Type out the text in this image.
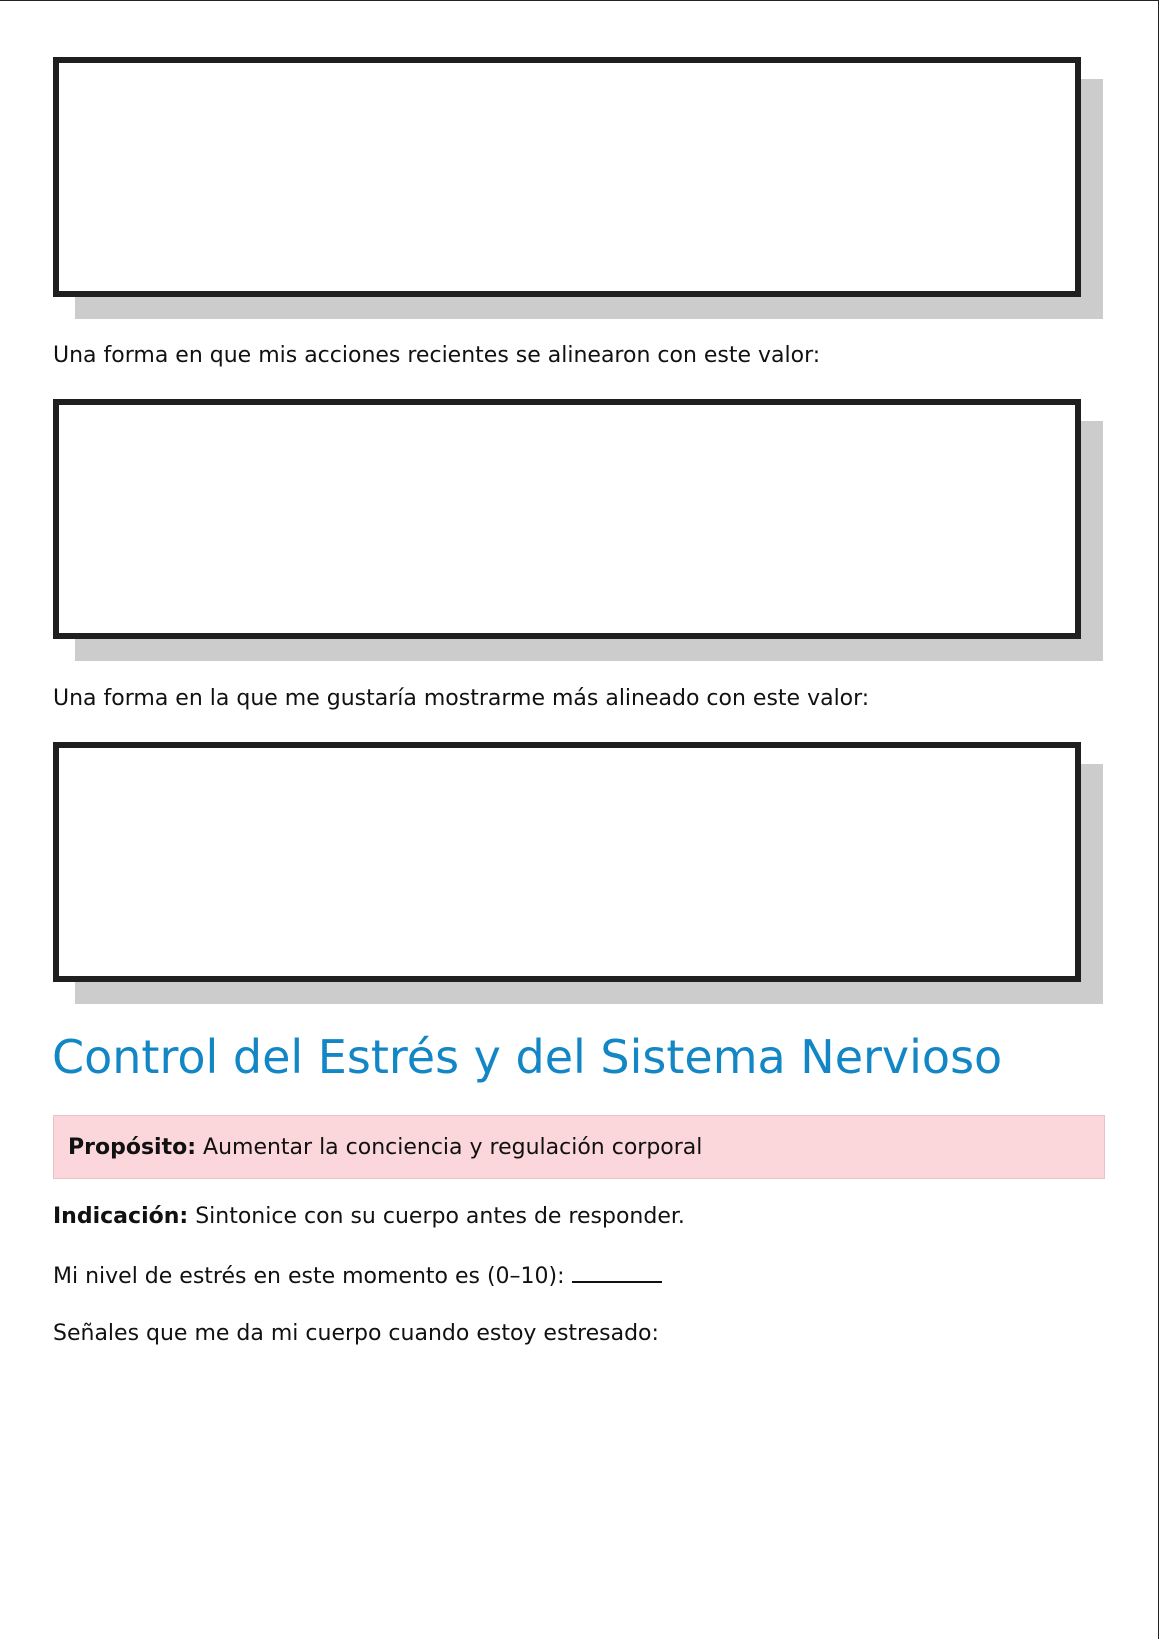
Una forma en que mis acciones recientes se alinearon con este valor:
Una forma en la que me gustaría mostrarme más alineado con este valor:
Control del Estrés y del Sistema Nervioso
Propósito:
Aumentar la conciencia y regulación corporal
Indicación: Sintonice con su cuerpo antes de responder.
Mi nivel de estrés en este momento es (0–10):
Señales que me da mi cuerpo cuando estoy estresado:
